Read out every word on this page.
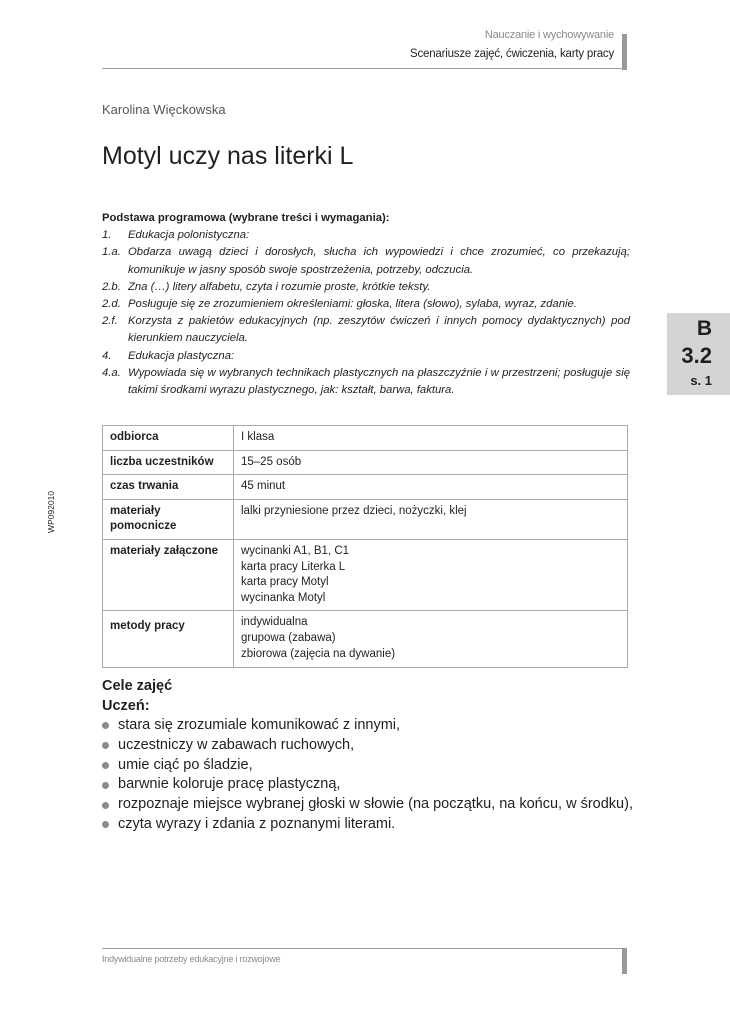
Nauczanie i wychowywanie
Scenariusze zajęć, ćwiczenia, karty pracy
Karolina Więckowska
Motyl uczy nas literki L
Podstawa programowa (wybrane treści i wymagania):
1.	Edukacja polonistyczna:
1.a. Obdarza uwagą dzieci i dorosłych, słucha ich wypowiedzi i chce zrozumieć, co przekazują; komunikuje w jasny sposób swoje spostrzeżenia, potrzeby, odczucia.
2.b. Zna (…) litery alfabetu, czyta i rozumie proste, krótkie teksty.
2.d. Posługuje się ze zrozumieniem określeniami: głoska, litera (słowo), sylaba, wyraz, zdanie.
2.f. Korzysta z pakietów edukacyjnych (np. zeszytów ćwiczeń i innych pomocy dydaktycznych) pod kierunkiem nauczyciela.
4.	Edukacja plastyczna:
4.a. Wypowiada się w wybranych technikach plastycznych na płaszczyźnie i w przestrzeni; posługuje się takimi środkami wyrazu plastycznego, jak: kształt, barwa, faktura.
B
3.2
s. 1
WP092010
odbiorca	I klasa

liczba uczestników	15–25 osób

czas trwania	45 minut

materiały pomocnicze	lalki przyniesione przez dzieci, nożyczki, klej

materiały załączone	wycinanki A1, B1, C1
karta pracy Literka L
karta pracy Motyl
wycinanka Motyl

metody pracy	indywidualna
grupowa (zabawa)
zbiorowa (zajęcia na dywanie)
Cele zajęć
Uczeń:
stara się zrozumiale komunikować z innymi,
uczestniczy w zabawach ruchowych,
umie ciąć po śladzie,
barwnie koloruje pracę plastyczną,
rozpoznaje miejsce wybranej głoski w słowie (na początku, na końcu, w środku),
czyta wyrazy i zdania z poznanymi literami.
Indywidualne potrzeby edukacyjne i rozwojowe
